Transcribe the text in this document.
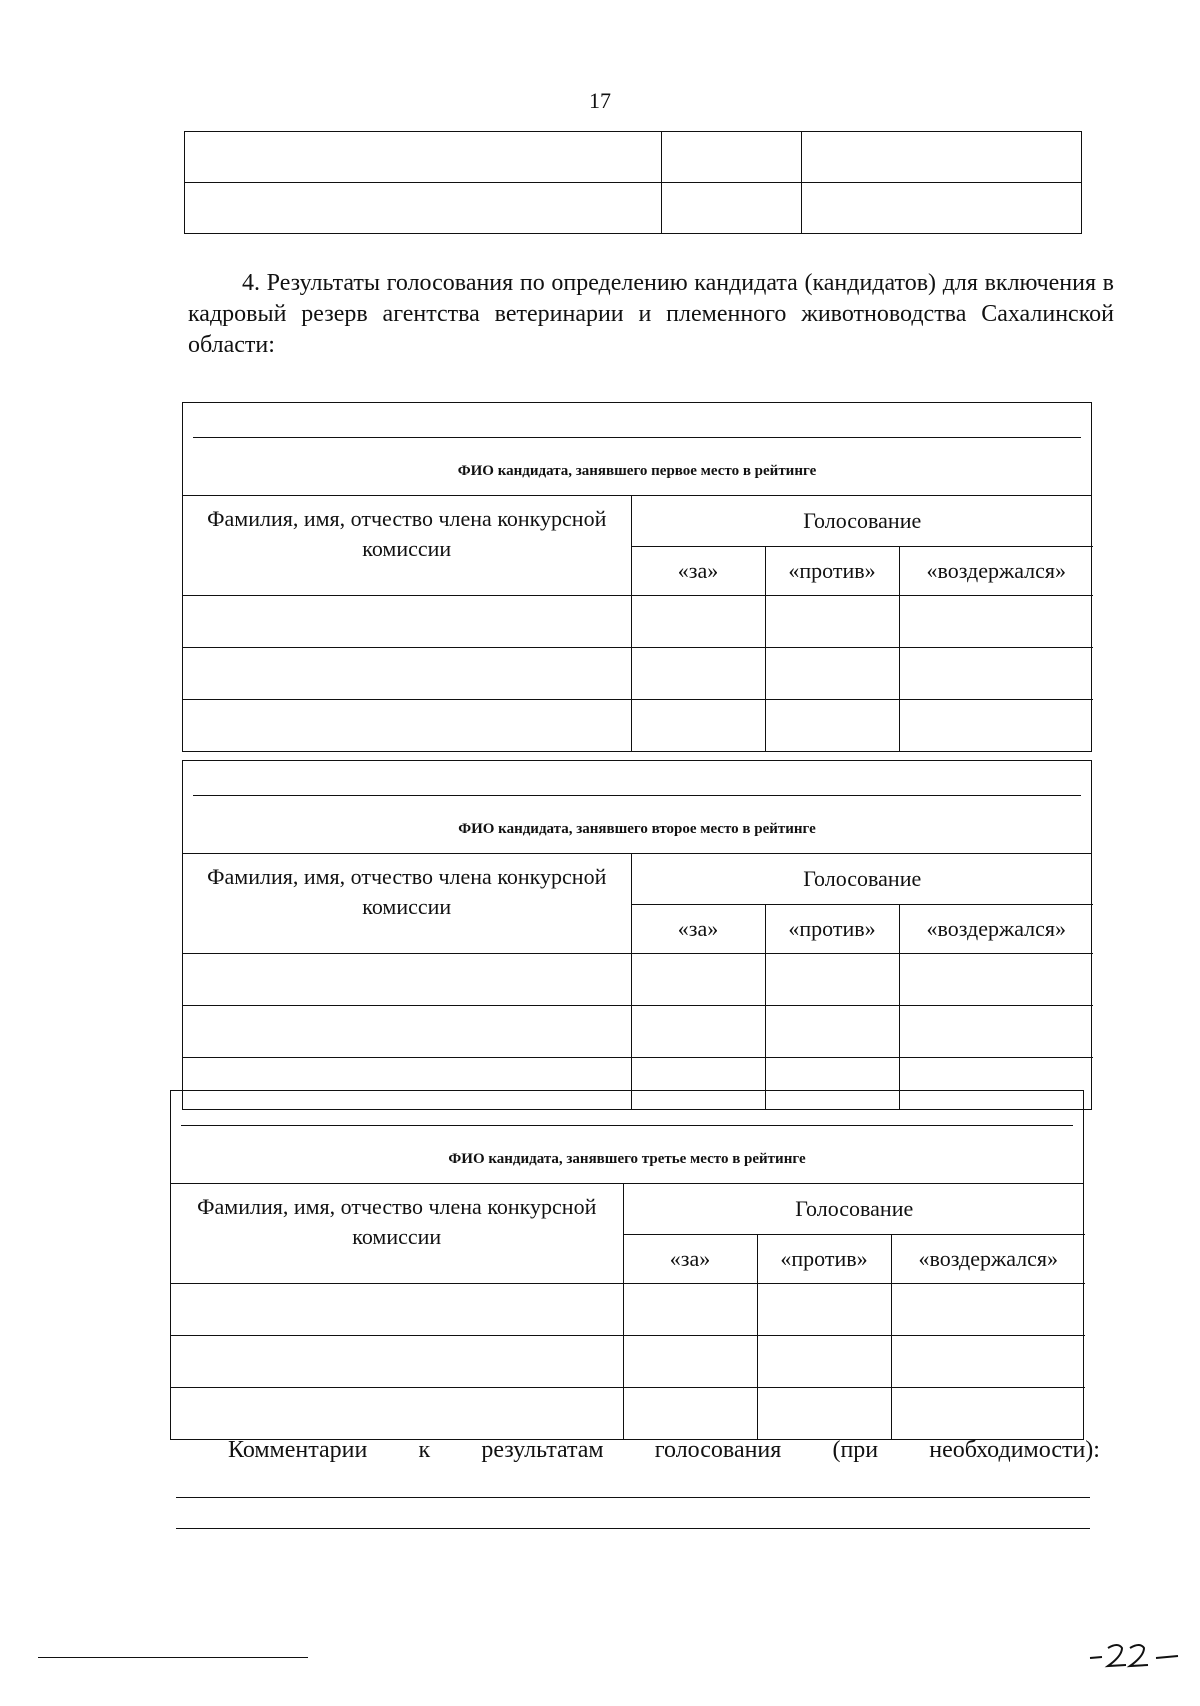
17

4. Результаты голосования по определению кандидата (кандидатов) для включения в кадровый резерв агентства ветеринарии и племенного животноводства Сахалинской области:
ФИО кандидата, занявшего первое место в рейтинге
Фамилия, имя, отчество члена конкурсной комиссии	Голосование		
	«за»	«против»	«воздержался»

ФИО кандидата, занявшего второе место в рейтинге
Фамилия, имя, отчество члена конкурсной комиссии	Голосование		
	«за»	«против»	«воздержался»

ФИО кандидата, занявшего третье место в рейтинге
Фамилия, имя, отчество члена конкурсной комиссии	Голосование		
	«за»	«против»	«воздержался»

Комментарии к результатам голосования (при необходимости):
